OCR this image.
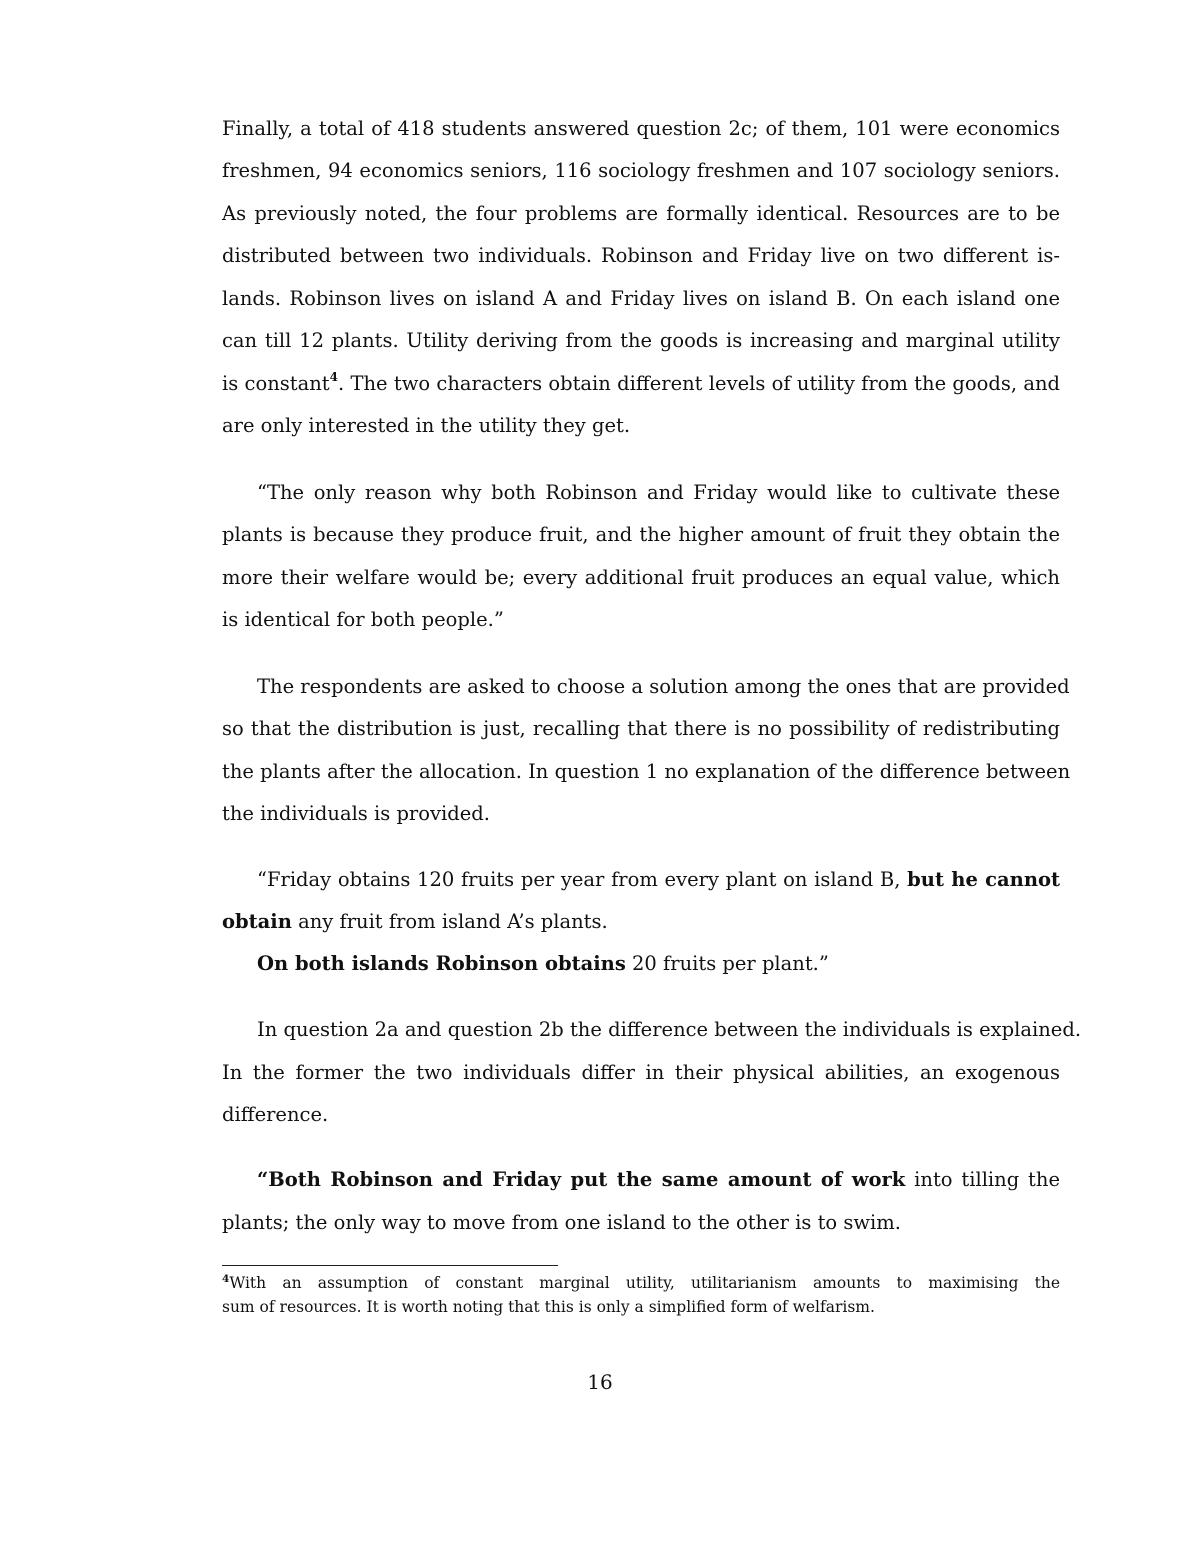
Finally, a total of 418 students answered question 2c; of them, 101 were economics
freshmen, 94 economics seniors, 116 sociology freshmen and 107 sociology seniors.
As previously noted, the four problems are formally identical. Resources are to be
distributed between two individuals. Robinson and Friday live on two different is-
lands. Robinson lives on island A and Friday lives on island B. On each island one
can till 12 plants. Utility deriving from the goods is increasing and marginal utility
is constant$^4$. The two characters obtain different levels of utility from the goods, and
are only interested in the utility they get.
“The only reason why both Robinson and Friday would like to cultivate these
plants is because they produce fruit, and the higher amount of fruit they obtain the
more their welfare would be; every additional fruit produces an equal value, which
is identical for both people.”
The respondents are asked to choose a solution among the ones that are provided
so that the distribution is just, recalling that there is no possibility of redistributing
the plants after the allocation. In question 1 no explanation of the difference between
the individuals is provided.
“Friday obtains 120 fruits per year from every plant on island B, but he cannot
obtain any fruit from island A’s plants.
On both islands Robinson obtains 20 fruits per plant.”
In question 2a and question 2b the difference between the individuals is explained.
In the former the two individuals differ in their physical abilities, an exogenous
difference.
“Both Robinson and Friday put the same amount of work into tilling the
plants; the only way to move from one island to the other is to swim.
$^4$With an assumption of constant marginal utility, utilitarianism amounts to maximising the
sum of resources. It is worth noting that this is only a simplified form of welfarism.
16
